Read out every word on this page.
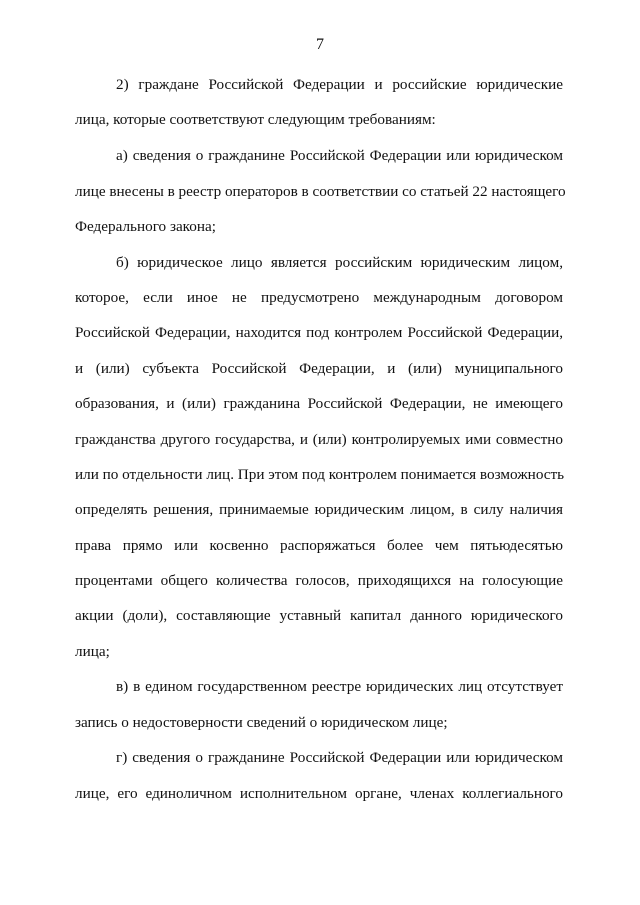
7
2) граждане Российской Федерации и российские юридические
лица, которые соответствуют следующим требованиям:
а) сведения о гражданине Российской Федерации или юридическом
лице внесены в реестр операторов в соответствии со статьей 22 настоящего
Федерального закона;
б) юридическое лицо является российским юридическим лицом,
которое, если иное не предусмотрено международным договором
Российской Федерации, находится под контролем Российской Федерации,
и (или) субъекта Российской Федерации, и (или) муниципального
образования, и (или) гражданина Российской Федерации, не имеющего
гражданства другого государства, и (или) контролируемых ими совместно
или по отдельности лиц. При этом под контролем понимается возможность
определять решения, принимаемые юридическим лицом, в силу наличия
права прямо или косвенно распоряжаться более чем пятьюдесятью
процентами общего количества голосов, приходящихся на голосующие
акции (доли), составляющие уставный капитал данного юридического
лица;
в) в едином государственном реестре юридических лиц отсутствует
запись о недостоверности сведений о юридическом лице;
г) сведения о гражданине Российской Федерации или юридическом
лице, его единоличном исполнительном органе, членах коллегиального
